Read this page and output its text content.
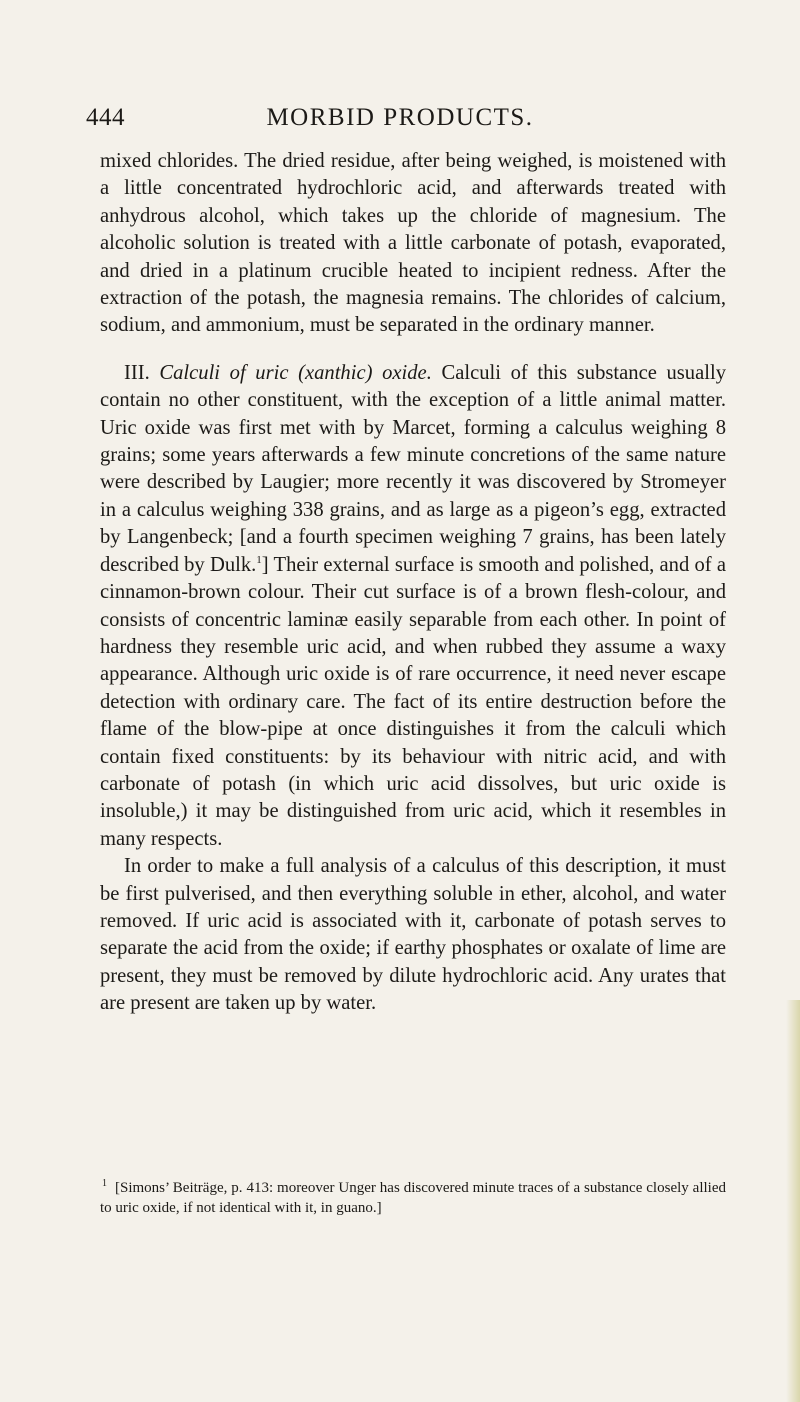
444	MORBID PRODUCTS.

mixed chlorides. The dried residue, after being weighed, is moistened with a little concentrated hydrochloric acid, and afterwards treated with anhydrous alcohol, which takes up the chloride of magnesium. The alcoholic solution is treated with a little carbonate of potash, evaporated, and dried in a platinum crucible heated to incipient redness. After the extraction of the potash, the magnesia remains. The chlorides of calcium, sodium, and ammonium, must be separated in the ordinary manner.

III. Calculi of uric (xanthic) oxide. Calculi of this substance usually contain no other constituent, with the exception of a little animal matter. Uric oxide was first met with by Marcet, forming a calculus weighing 8 grains; some years afterwards a few minute concretions of the same nature were described by Laugier; more recently it was discovered by Stromeyer in a calculus weighing 338 grains, and as large as a pigeon’s egg, extracted by Langenbeck; [and a fourth specimen weighing 7 grains, has been lately described by Dulk.$^1$] Their external surface is smooth and polished, and of a cinnamon-brown colour. Their cut surface is of a brown flesh-colour, and consists of concentric laminæ easily separable from each other. In point of hardness they resemble uric acid, and when rubbed they assume a waxy appearance. Although uric oxide is of rare occurrence, it need never escape detection with ordinary care. The fact of its entire destruction before the flame of the blow-pipe at once distinguishes it from the calculi which contain fixed constituents: by its behaviour with nitric acid, and with carbonate of potash (in which uric acid dissolves, but uric oxide is insoluble,) it may be distinguished from uric acid, which it resembles in many respects.

In order to make a full analysis of a calculus of this description, it must be first pulverised, and then everything soluble in ether, alcohol, and water removed. If uric acid is associated with it, carbonate of potash serves to separate the acid from the oxide; if earthy phosphates or oxalate of lime are present, they must be removed by dilute hydrochloric acid. Any urates that are present are taken up by water.

$^1$ [Simons’ Beiträge, p. 413: moreover Unger has discovered minute traces of a substance closely allied to uric oxide, if not identical with it, in guano.]
